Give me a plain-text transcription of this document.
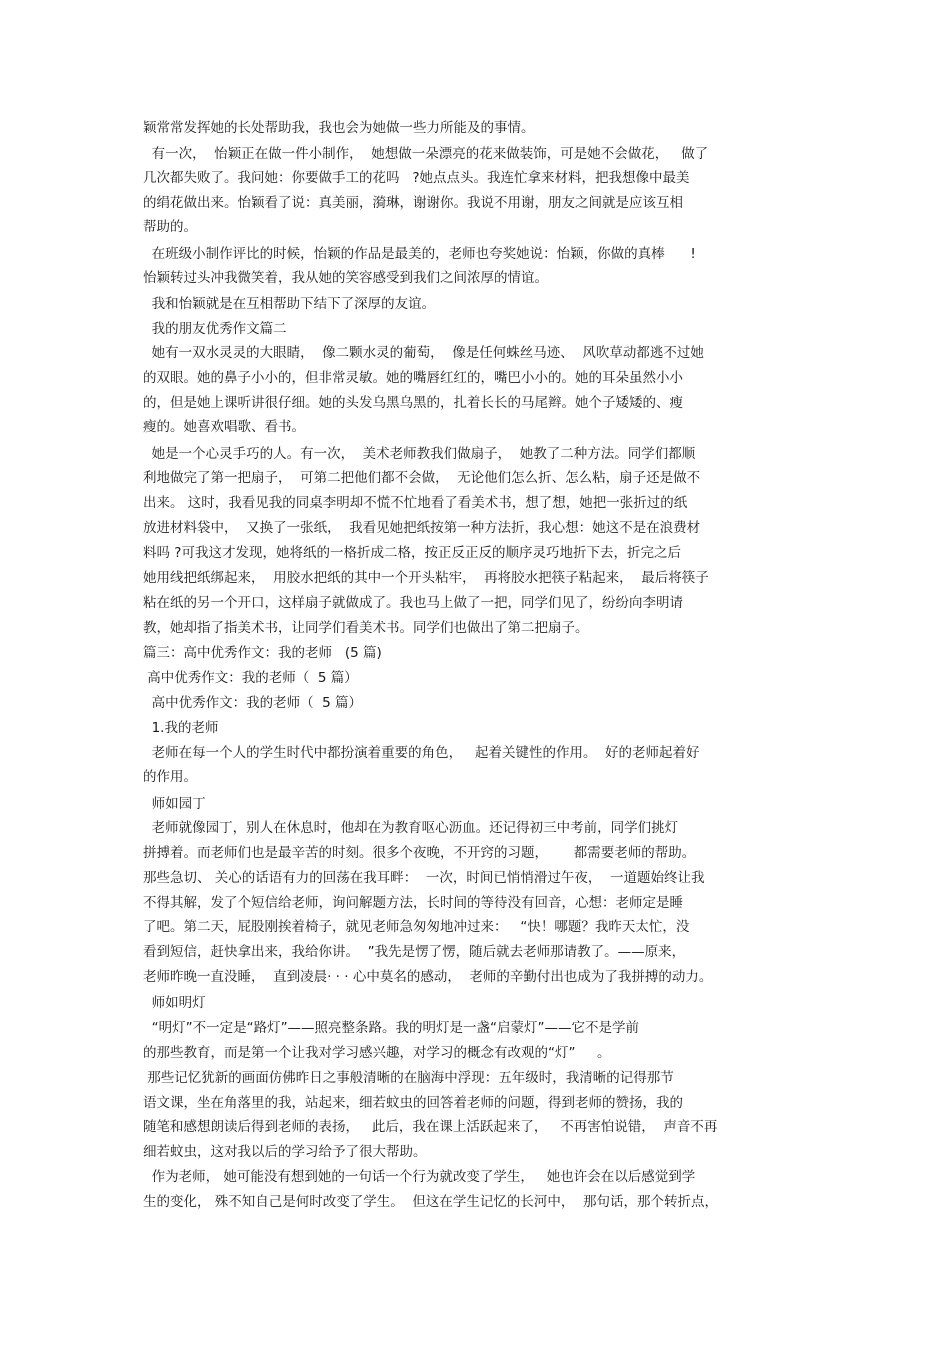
颖常常发挥她的长处帮助我，我也会为她做一些力所能及的事情。
有一次，  怡颖正在做一件小制作，  她想做一朵漂亮的花来做装饰，可是她不会做花，   做了
几次都失败了。我问她：你要做手工的花吗   ?她点点头。我连忙拿来材料，把我想像中最美
的绢花做出来。怡颖看了说：真美丽，漪琳，谢谢你。我说不用谢，朋友之间就是应该互相
帮助的。
在班级小制作评比的时候，怡颖的作品是最美的，老师也夸奖她说：怡颖，你做的真棒      !
怡颖转过头冲我微笑着，我从她的笑容感受到我们之间浓厚的情谊。
我和怡颖就是在互相帮助下结下了深厚的友谊。
我的朋友优秀作文篇二
她有一双水灵灵的大眼睛，  像二颗水灵的葡萄，  像是任何蛛丝马迹、  风吹草动都逃不过她
的双眼。她的鼻子小小的，但非常灵敏。她的嘴唇红红的，嘴巴小小的。她的耳朵虽然小小
的，但是她上课听讲很仔细。她的头发乌黑乌黑的，扎着长长的马尾辫。她个子矮矮的、瘦
瘦的。她喜欢唱歌、看书。
她是一个心灵手巧的人。有一次，  美术老师教我们做扇子，  她教了二种方法。同学们都顺
利地做完了第一把扇子，  可第二把他们都不会做，  无论他们怎么折、怎么粘，扇子还是做不
出来。 这时，我看见我的同桌李明却不慌不忙地看了看美术书，想了想，她把一张折过的纸
放进材料袋中，  又换了一张纸，  我看见她把纸按第一种方法折，我心想：她这不是在浪费材
料吗 ?可我这才发现，她将纸的一格折成二格，按正反正反的顺序灵巧地折下去，折完之后
她用线把纸绑起来，  用胶水把纸的其中一个开头粘牢，  再将胶水把筷子粘起来，  最后将筷子
粘在纸的另一个开口，这样扇子就做成了。我也马上做了一把，同学们见了，纷纷向李明请
教，她却指了指美术书，让同学们看美术书。同学们也做出了第二把扇子。
篇三：高中优秀作文：我的老师   (5 篇)
高中优秀作文：我的老师（  5 篇）
高中优秀作文：我的老师（  5 篇）
1.我的老师
老师在每一个人的学生时代中都扮演着重要的角色，   起着关键性的作用。  好的老师起着好
的作用。
师如园丁
老师就像园丁，别人在休息时，他却在为教育呕心沥血。还记得初三中考前，同学们挑灯
拼搏着。而老师们也是最辛苦的时刻。很多个夜晚，不开窍的习题，      都需要老师的帮助。
那些急切、 关心的话语有力的回荡在我耳畔：  一次，时间已悄悄滑过午夜，  一道题始终让我
不得其解，发了个短信给老师，询问解题方法，长时间的等待没有回音，心想：老师定是睡
了吧。第二天，屁股刚挨着椅子，就见老师急匆匆地冲过来：   “快！哪题？我昨天太忙，没
看到短信，赶快拿出来，我给你讲。  ”我先是愣了愣，随后就去老师那请教了。——原来，
老师昨晚一直没睡，  直到凌晨· · · 心中莫名的感动，  老师的辛勤付出也成为了我拼搏的动力。
师如明灯
“明灯”不一定是“路灯”——照亮整条路。我的明灯是一盏“启蒙灯”——它不是学前
的那些教育，而是第一个让我对学习感兴趣，对学习的概念有改观的“灯”     。
那些记忆犹新的画面仿佛昨日之事般清晰的在脑海中浮现：五年级时，我清晰的记得那节
语文课，坐在角落里的我，站起来，细若蚊虫的回答着老师的问题，得到老师的赞扬，我的
随笔和感想朗读后得到老师的表扬，   此后，我在课上活跃起来了，   不再害怕说错，  声音不再
细若蚊虫，这对我以后的学习给予了很大帮助。
作为老师， 她可能没有想到她的一句话一个行为就改变了学生，   她也许会在以后感觉到学
生的变化， 殊不知自己是何时改变了学生。  但这在学生记忆的长河中，  那句话，那个转折点，
